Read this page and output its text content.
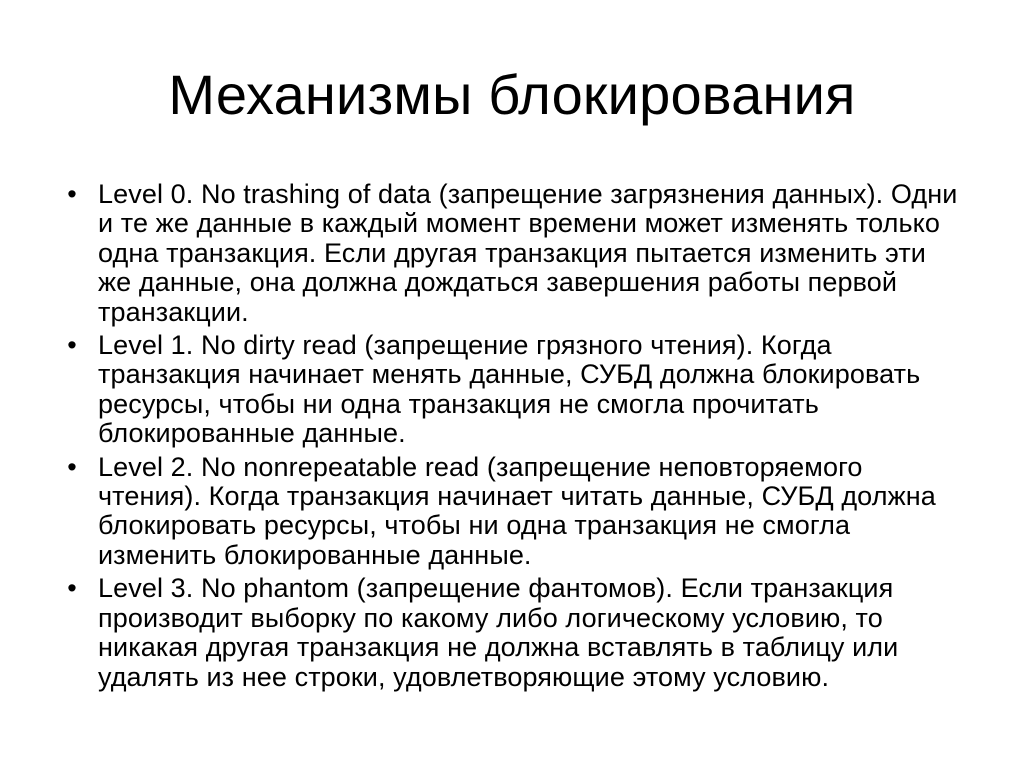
Механизмы блокирования
• Level 0. No trashing of data (запрещение загрязнения данных). Одни и те же данные в каждый момент времени может изменять только одна транзакция. Если другая транзакция пытается изменить эти же данные, она должна дождаться завершения работы первой транзакции.
• Level 1. No dirty read (запрещение грязного чтения). Когда транзакция начинает менять данные, СУБД должна блокировать ресурсы, чтобы ни одна транзакция не смогла прочитать блокированные данные.
• Level 2. No nonrepeatable read (запрещение неповторяемого чтения). Когда транзакция начинает читать данные, СУБД должна блокировать ресурсы, чтобы ни одна транзакция не смогла изменить блокированные данные.
• Level 3. No phantom (запрещение фантомов). Если транзакция производит выборку по какому либо логическому условию, то никакая другая транзакция не должна вставлять в таблицу или удалять из нее строки, удовлетворяющие этому условию.
